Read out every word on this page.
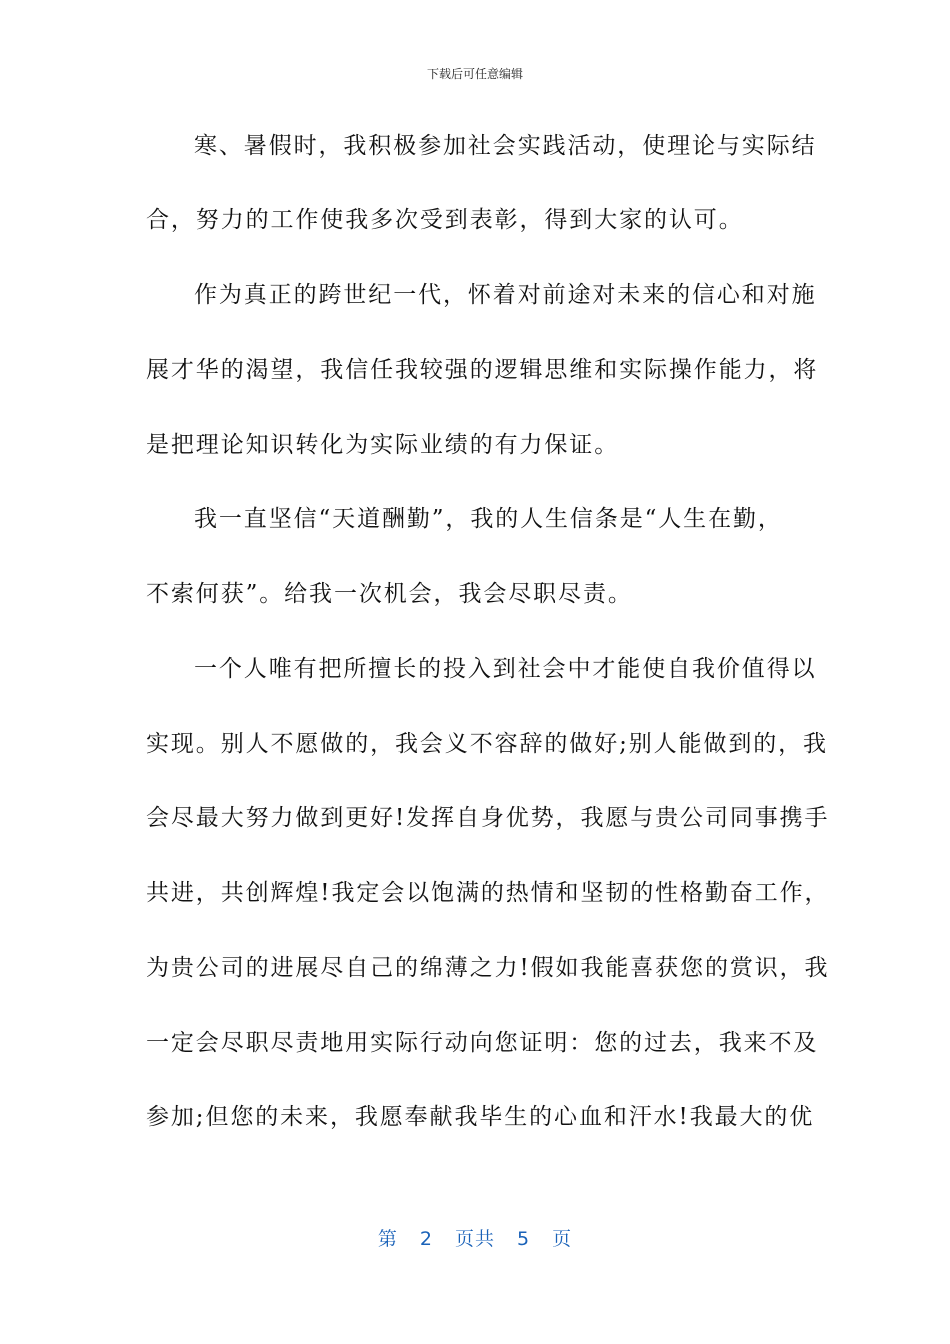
下载后可任意编辑
寒、暑假时，我积极参加社会实践活动，使理论与实际结
合，努力的工作使我多次受到表彰，得到大家的认可。
作为真正的跨世纪一代，怀着对前途对未来的信心和对施
展才华的渴望，我信任我较强的逻辑思维和实际操作能力，将
是把理论知识转化为实际业绩的有力保证。
我一直坚信“天道酬勤”，我的人生信条是“人生在勤，
不索何获”。给我一次机会，我会尽职尽责。
一个人唯有把所擅长的投入到社会中才能使自我价值得以
实现。别人不愿做的，我会义不容辞的做好;别人能做到的，我
会尽最大努力做到更好!发挥自身优势，我愿与贵公司同事携手
共进，共创辉煌!我定会以饱满的热情和坚韧的性格勤奋工作，
为贵公司的进展尽自己的绵薄之力!假如我能喜获您的赏识，我
一定会尽职尽责地用实际行动向您证明：您的过去，我来不及
参加;但您的未来，我愿奉献我毕生的心血和汗水!我最大的优
第 2 页共 5 页
